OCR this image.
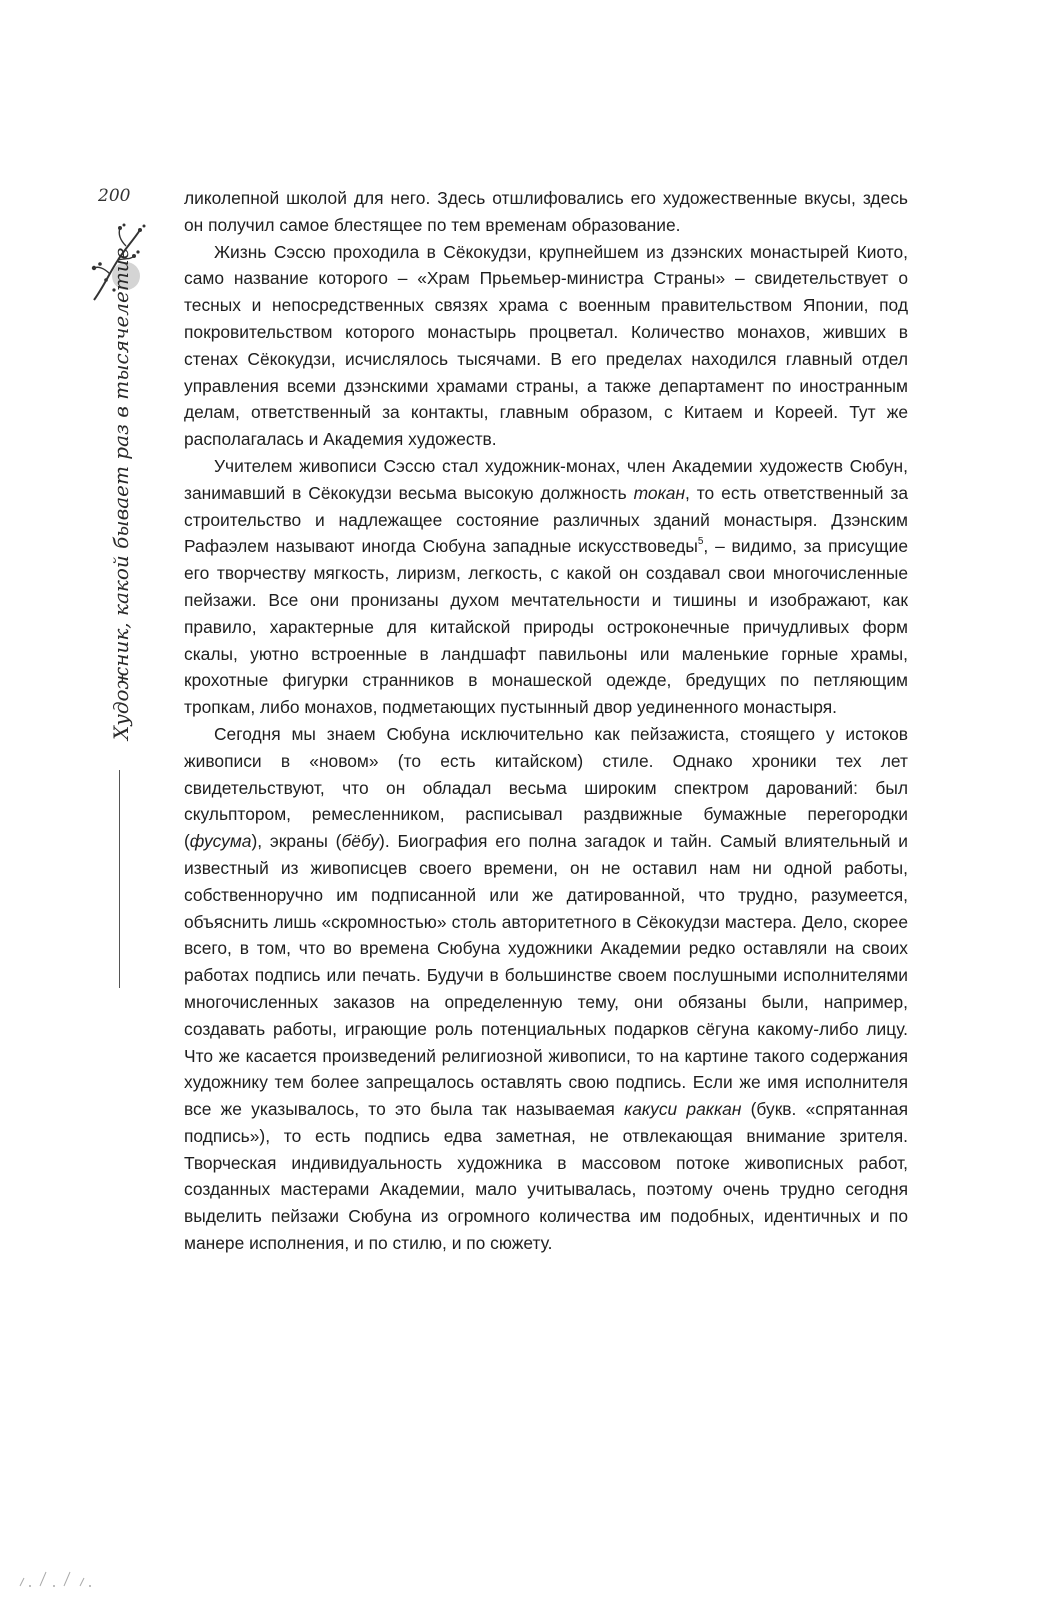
200
Художник, какой бывает раз в тысячелетие

ликолепной школой для него. Здесь отшлифовались его художественные вкусы, здесь он получил самое блестящее по тем временам образование.

Жизнь Сэссю проходила в Сёкокудзи, крупнейшем из дзэнских монастырей Киото, само название которого – «Храм Прьемьер-министра Страны» – свидетельствует о тесных и непосредственных связях храма с военным правительством Японии, под покровительством которого монастырь процветал. Количество монахов, живших в стенах Сёкокудзи, исчислялось тысячами. В его пределах находился главный отдел управления всеми дзэнскими храмами страны, а также департамент по иностранным делам, ответственный за контакты, главным образом, с Китаем и Кореей. Тут же располагалась и Академия художеств.

Учителем живописи Сэссю стал художник-монах, член Академии художеств Сюбун, занимавший в Сёкокудзи весьма высокую должность токан, то есть ответственный за строительство и надлежащее состояние различных зданий монастыря. Дзэнским Рафаэлем называют иногда Сюбуна западные искусствоведы$^5$, – видимо, за присущие его творчеству мягкость, лиризм, легкость, с какой он создавал свои многочисленные пейзажи. Все они пронизаны духом мечтательности и тишины и изображают, как правило, характерные для китайской природы остроконечные причудливых форм скалы, уютно встроенные в ландшафт павильоны или маленькие горные храмы, крохотные фигурки странников в монашеской одежде, бредущих по петляющим тропкам, либо монахов, подметающих пустынный двор уединенного монастыря.

Сегодня мы знаем Сюбуна исключительно как пейзажиста, стоящего у истоков живописи в «новом» (то есть китайском) стиле. Однако хроники тех лет свидетельствуют, что он обладал весьма широким спектром дарований: был скульптором, ремесленником, расписывал раздвижные бумажные перегородки (фусума), экраны (бёбу). Биография его полна загадок и тайн. Самый влиятельный и известный из живописцев своего времени, он не оставил нам ни одной работы, собственноручно им подписанной или же датированной, что трудно, разумеется, объяснить лишь «скромностью» столь авторитетного в Сёкокудзи мастера. Дело, скорее всего, в том, что во времена Сюбуна художники Академии редко оставляли на своих работах подпись или печать. Будучи в большинстве своем послушными исполнителями многочисленных заказов на определенную тему, они обязаны были, например, создавать работы, играющие роль потенциальных подарков сёгуна какому-либо лицу. Что же касается произведений религиозной живописи, то на картине такого содержания художнику тем более запрещалось оставлять свою подпись. Если же имя исполнителя все же указывалось, то это была так называемая какуси раккан (букв. «спрятанная подпись»), то есть подпись едва заметная, не отвлекающая внимание зрителя. Творческая индивидуальность художника в массовом потоке живописных работ, созданных мастерами Академии, мало учитывалась, поэтому очень трудно сегодня выделить пейзажи Сюбуна из огромного количества им подобных, идентичных и по манере исполнения, и по стилю, и по сюжету.
